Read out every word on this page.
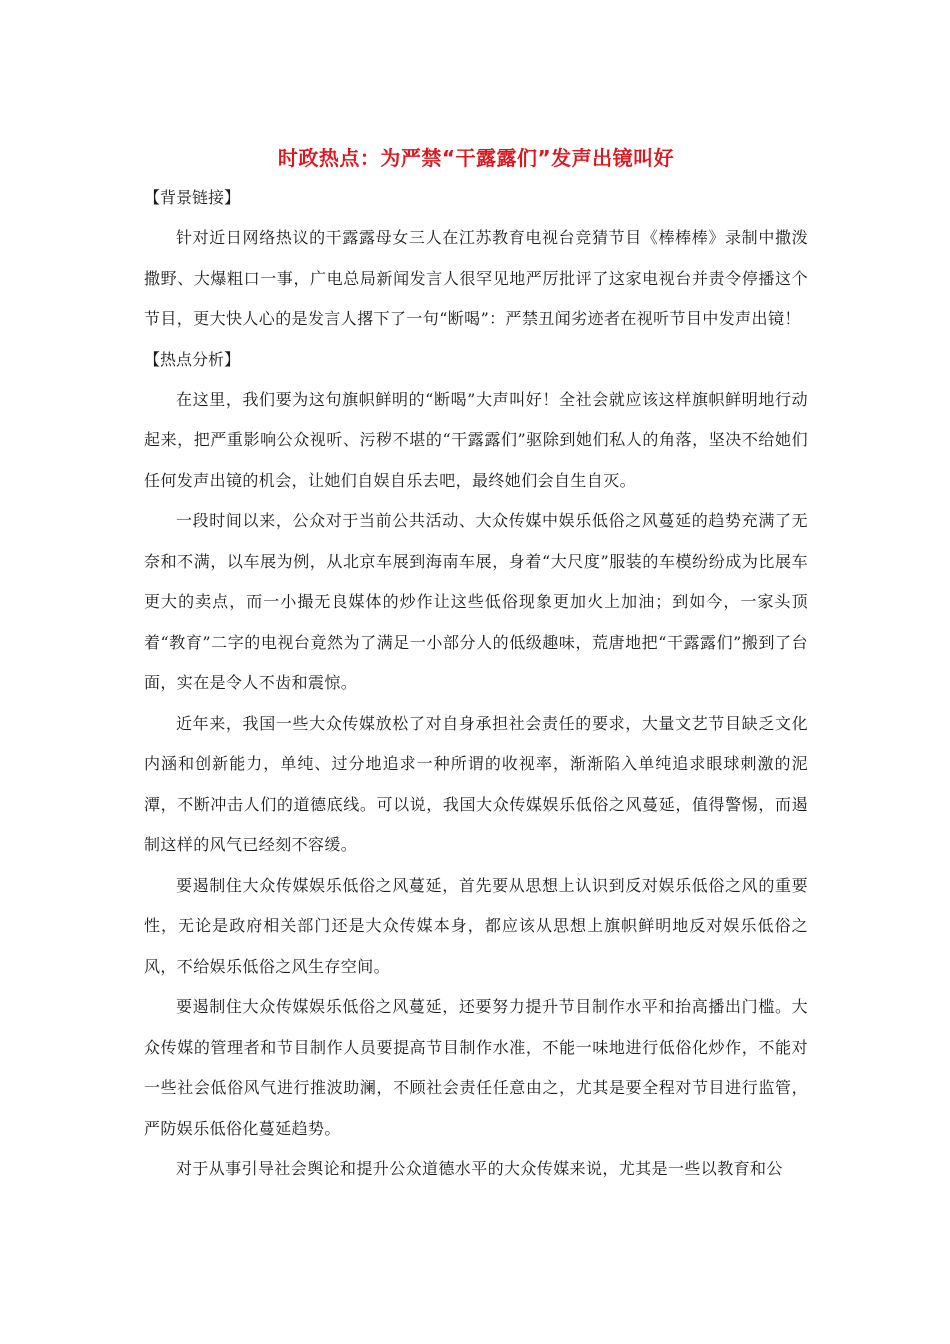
时政热点：为严禁“干露露们”发声出镜叫好

【背景链接】

针对近日网络热议的干露露母女三人在江苏教育电视台竞猜节目《棒棒棒》录制中撒泼撒野、大爆粗口一事，广电总局新闻发言人很罕见地严厉批评了这家电视台并责令停播这个节目，更大快人心的是发言人撂下了一句“断喝”：严禁丑闻劣迹者在视听节目中发声出镜！

【热点分析】

在这里，我们要为这句旗帜鲜明的“断喝”大声叫好！全社会就应该这样旗帜鲜明地行动起来，把严重影响公众视听、污秽不堪的“干露露们”驱除到她们私人的角落，坚决不给她们任何发声出镜的机会，让她们自娱自乐去吧，最终她们会自生自灭。

一段时间以来，公众对于当前公共活动、大众传媒中娱乐低俗之风蔓延的趋势充满了无奈和不满，以车展为例，从北京车展到海南车展，身着“大尺度”服装的车模纷纷成为比展车更大的卖点，而一小撮无良媒体的炒作让这些低俗现象更加火上加油；到如今，一家头顶着“教育”二字的电视台竟然为了满足一小部分人的低级趣味，荒唐地把“干露露们”搬到了台面，实在是令人不齿和震惊。

近年来，我国一些大众传媒放松了对自身承担社会责任的要求，大量文艺节目缺乏文化内涵和创新能力，单纯、过分地追求一种所谓的收视率，渐渐陷入单纯追求眼球刺激的泥潭，不断冲击人们的道德底线。可以说，我国大众传媒娱乐低俗之风蔓延，值得警惕，而遏制这样的风气已经刻不容缓。

要遏制住大众传媒娱乐低俗之风蔓延，首先要从思想上认识到反对娱乐低俗之风的重要性，无论是政府相关部门还是大众传媒本身，都应该从思想上旗帜鲜明地反对娱乐低俗之风，不给娱乐低俗之风生存空间。

要遏制住大众传媒娱乐低俗之风蔓延，还要努力提升节目制作水平和抬高播出门槛。大众传媒的管理者和节目制作人员要提高节目制作水准，不能一味地进行低俗化炒作，不能对一些社会低俗风气进行推波助澜，不顾社会责任任意由之，尤其是要全程对节目进行监管，严防娱乐低俗化蔓延趋势。

对于从事引导社会舆论和提升公众道德水平的大众传媒来说，尤其是一些以教育和公
